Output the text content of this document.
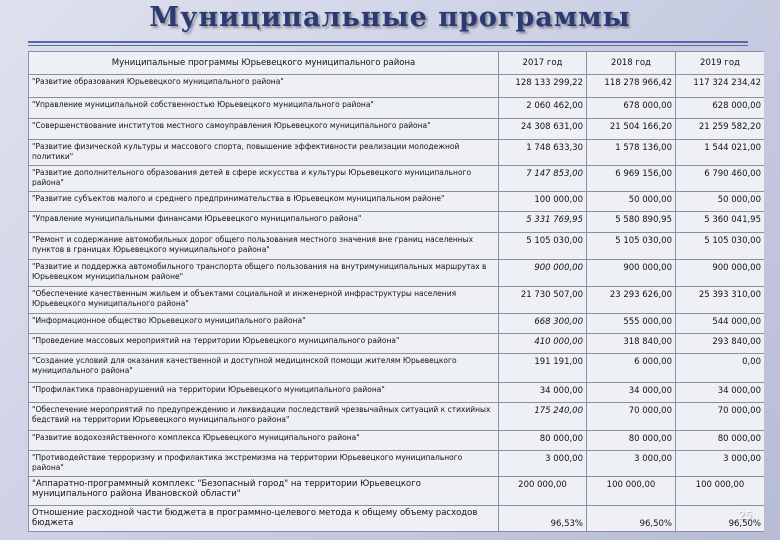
Муниципальные программы
Муниципальные программы Юрьевецкого муниципального района	2017 год	2018 год	2019 год
"Развитие образования Юрьевецкого муниципального района"	128 133 299,22	118 278 966,42	117 324 234,42
"Управление муниципальной собственностью Юрьевецкого муниципального района"	2 060 462,00	678 000,00	628 000,00
"Совершенствование институтов местного самоуправления Юрьевецкого муниципального района"	24 308 631,00	21 504 166,20	21 259 582,20
"Развитие физической культуры и массового спорта, повышение эффективности реализации молодежной политики"	1 748 633,30	1 578 136,00	1 544 021,00
"Развитие дополнительного образования детей в сфере искусства и культуры Юрьевецкого муниципального района"	7 147 853,00	6 969 156,00	6 790 460,00
"Развитие субъектов малого и среднего предпринимательства в Юрьевецком муниципальном районе"	100 000,00	50 000,00	50 000,00
"Управление муниципальными финансами Юрьевецкого муниципального района"	5 331 769,95	5 580 890,95	5 360 041,95
"Ремонт и содержание автомобильных дорог общего пользования местного значения вне границ населенных пунктов в границах Юрьевецкого муниципального района"	5 105 030,00	5 105 030,00	5 105 030,00
"Развитие и поддержка автомобильного транспорта общего пользования на внутримуниципальных маршрутах в Юрьевецком муниципальном районе"	900 000,00	900 000,00	900 000,00
"Обеспечение качественным жильем и объектами социальной и инженерной инфраструктуры населения Юрьевецкого муниципального района"	21 730 507,00	23 293 626,00	25 393 310,00
"Информационное общество Юрьевецкого муниципального района"	668 300,00	555 000,00	544 000,00
"Проведение массовых мероприятий на территории Юрьевецкого муниципального района"	410 000,00	318 840,00	293 840,00
"Создание условий для оказания качественной и доступной медицинской помощи жителям Юрьевецкого муниципального района"	191 191,00	6 000,00	0,00
"Профилактика правонарушений на территории Юрьевецкого муниципального района"	34 000,00	34 000,00	34 000,00
"Обеспечение мероприятий по предупреждению и ликвидации последствий чрезвычайных ситуаций к стихийных бедствий на территории Юрьевецкого муниципального района"	175 240,00	70 000,00	70 000,00
"Развитие водохозяйственного комплекса Юрьевецкого муниципального района"	80 000,00	80 000,00	80 000,00
"Противодействие терроризму и профилактика экстремизма на территории Юрьевецкого муниципального района"	3 000,00	3 000,00	3 000,00
"Аппаратно-программный комплекс "Безопасный город" на территории Юрьевецкого муниципального района Ивановской области"	200 000,00	100 000,00	100 000,00
Отношение расходной части бюджета в программно-целевого метода к общему объему расходов бюджета	96,53%	96,50%	96,50%
25
